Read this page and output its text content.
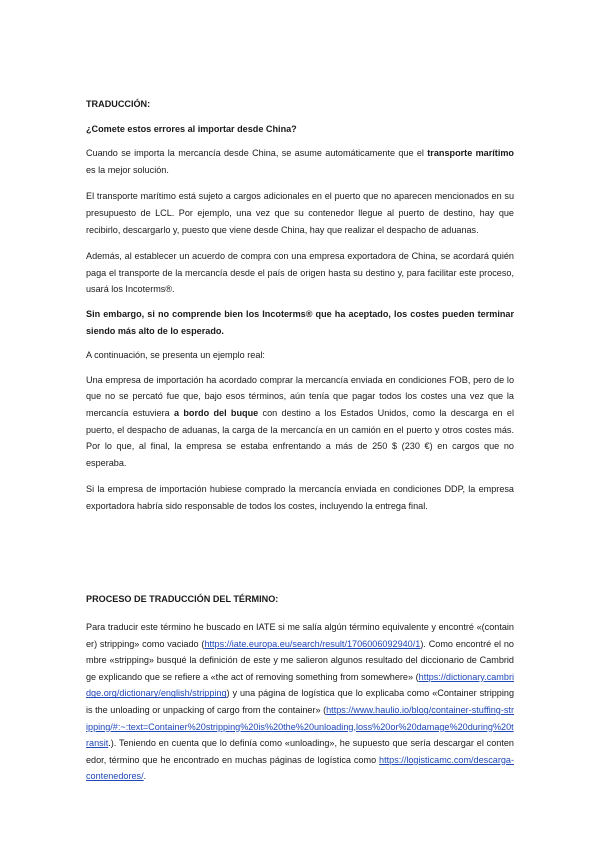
TRADUCCIÓN:

¿Comete estos errores al importar desde China?

Cuando se importa la mercancía desde China, se asume automáticamente que el transporte marítimo es la mejor solución.

El transporte marítimo está sujeto a cargos adicionales en el puerto que no aparecen mencionados en su presupuesto de LCL. Por ejemplo, una vez que su contenedor llegue al puerto de destino, hay que recibirlo, descargarlo y, puesto que viene desde China, hay que realizar el despacho de aduanas.

Además, al establecer un acuerdo de compra con una empresa exportadora de China, se acordará quién paga el transporte de la mercancía desde el país de origen hasta su destino y, para facilitar este proceso, usará los Incoterms®.

Sin embargo, si no comprende bien los Incoterms® que ha aceptado, los costes pueden terminar siendo más alto de lo esperado.

A continuación, se presenta un ejemplo real:

Una empresa de importación ha acordado comprar la mercancía enviada en condiciones FOB, pero de lo que no se percató fue que, bajo esos términos, aún tenía que pagar todos los costes una vez que la mercancía estuviera a bordo del buque con destino a los Estados Unidos, como la descarga en el puerto, el despacho de aduanas, la carga de la mercancía en un camión en el puerto y otros costes más. Por lo que, al final, la empresa se estaba enfrentando a más de 250 $ (230 €) en cargos que no esperaba.

Si la empresa de importación hubiese comprado la mercancía enviada en condiciones DDP, la empresa exportadora habría sido responsable de todos los costes, incluyendo la entrega final.

PROCESO DE TRADUCCIÓN DEL TÉRMINO:

Para traducir este término he buscado en IATE si me salía algún término equivalente y encontré «(container) stripping» como vaciado (https://iate.europa.eu/search/result/1706006092940/1). Como encontré el nombre «stripping» busqué la definición de este y me salieron algunos resultado del diccionario de Cambridge explicando que se refiere a «the act of removing something from somewhere» (https://dictionary.cambridge.org/dictionary/english/stripping) y una página de logística que lo explicaba como «Container stripping is the unloading or unpacking of cargo from the container» (https://www.haulio.io/blog/container-stuffing-stripping/#:~:text=Container%20stripping%20is%20the%20unloading,loss%20or%20damage%20during%20transit.). Teniendo en cuenta que lo definía como «unloading», he supuesto que sería descargar el contenedor, término que he encontrado en muchas páginas de logística como https://logisticamc.com/descarga-contenedores/.
